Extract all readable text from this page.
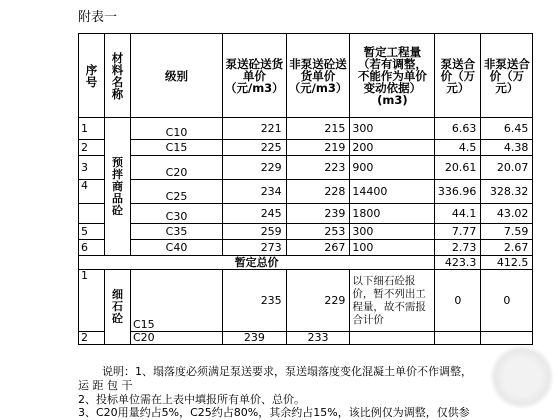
附表一
序号	材料名称	级别	泵送砼送货单价（元/m3）	非泵送砼送货单价（元/m3）	暂定工程量（若有调整，不能作为单价变动依据）(m3)	泵送合价（万元）	非泵送合价（万元）
1	预拌商品砼	C10	221	215	300	6.63	6.45
2		C15	225	219	200	4.5	4.38
3		C20	229	223	900	20.61	20.07
4		C25	234	228	14400	336.96	328.32
		C30	245	239	1800	44.1	43.02
5		C35	259	253	300	7.77	7.59
6		C40	273	267	100	2.73	2.67
暂定总价						423.3	412.5
1	细石砼	C15	235	229	以下细石砼报价，暂不列出工程量，故不需报合计价	0	0
2		C20	239	233			
说明：1、塌落度必须满足泵送要求，泵送塌落度变化混凝土单价不作调整，
运 距 包 干
2、投标单位需在上表中填报所有单价、总价。
3、C20用量约占5%，C25约占80%，其余约占15%，该比例仅为调整，仅供参
